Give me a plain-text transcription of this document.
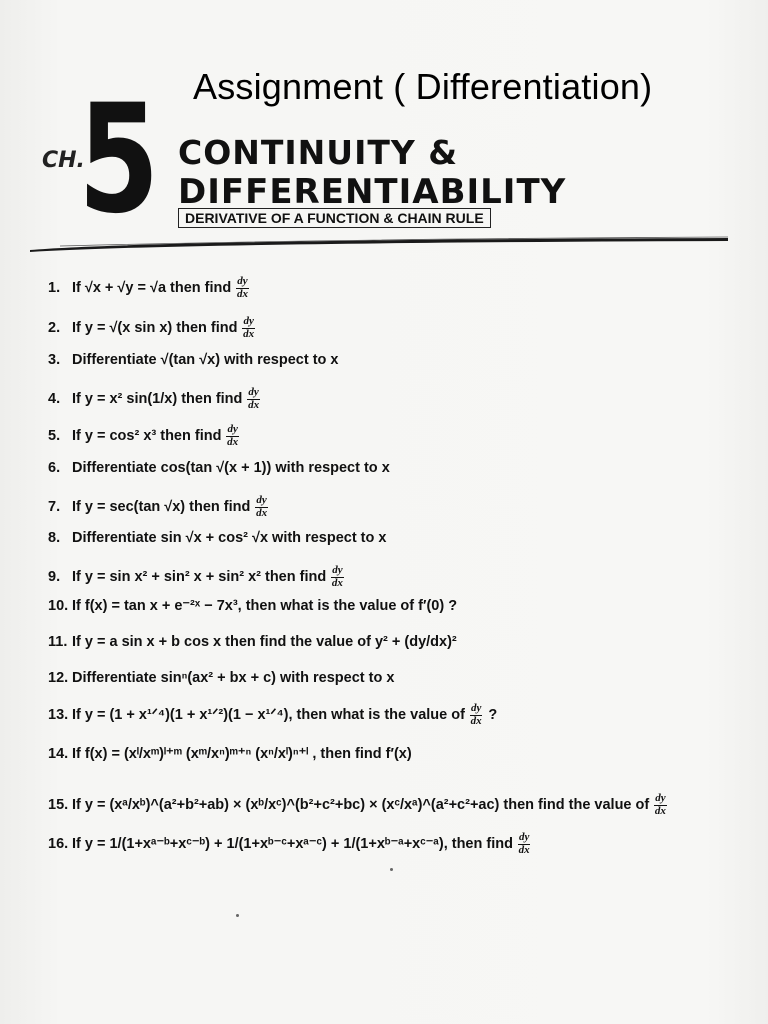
Assignment ( Differentiation)
CH.
5 CONTINUITY &
DIFFERENTIABILITY
DERIVATIVE OF A FUNCTION & CHAIN RULE
1. If √x + √y = √a then find $\frac{dy}{dx}$
2. If y = √(x sin x) then find $\frac{dy}{dx}$
3. Differentiate √(tan √x) with respect to x
4. If y = x² sin(1/x) then find $\frac{dy}{dx}$
5. If y = cos² x³ then find $\frac{dy}{dx}$
6. Differentiate cos(tan √(x + 1)) with respect to x
7. If y = sec(tan √x) then find $\frac{dy}{dx}$
8. Differentiate sin √x + cos² √x with respect to x
9. If y = sin x² + sin² x + sin² x² then find $\frac{dy}{dx}$
10. If f(x) = tan x + e⁻²ˣ − 7x³, then what is the value of f′(0) ?
11. If y = a sin x + b cos x then find the value of y² + (dy/dx)²
12. Differentiate sinⁿ(ax² + bx + c) with respect to x
13. If y = (1 + x¹ᐟ⁴)(1 + x¹ᐟ²)(1 − x¹ᐟ⁴), then what is the value of $\frac{dy}{dx}$ ?
14. If f(x) = (xˡ/xᵐ)ˡ⁺ᵐ (xᵐ/xⁿ)ᵐ⁺ⁿ (xⁿ/xˡ)ⁿ⁺ˡ , then find f′(x)
15. If y = (xᵃ/xᵇ)^(a²+b²+ab) × (xᵇ/xᶜ)^(b²+c²+bc) × (xᶜ/xᵃ)^(a²+c²+ac) then find the value of $\frac{dy}{dx}$
16. If y = 1/(1+xᵃ⁻ᵇ+xᶜ⁻ᵇ) + 1/(1+xᵇ⁻ᶜ+xᵃ⁻ᶜ) + 1/(1+xᵇ⁻ᵃ+xᶜ⁻ᵃ), then find $\frac{dy}{dx}$
